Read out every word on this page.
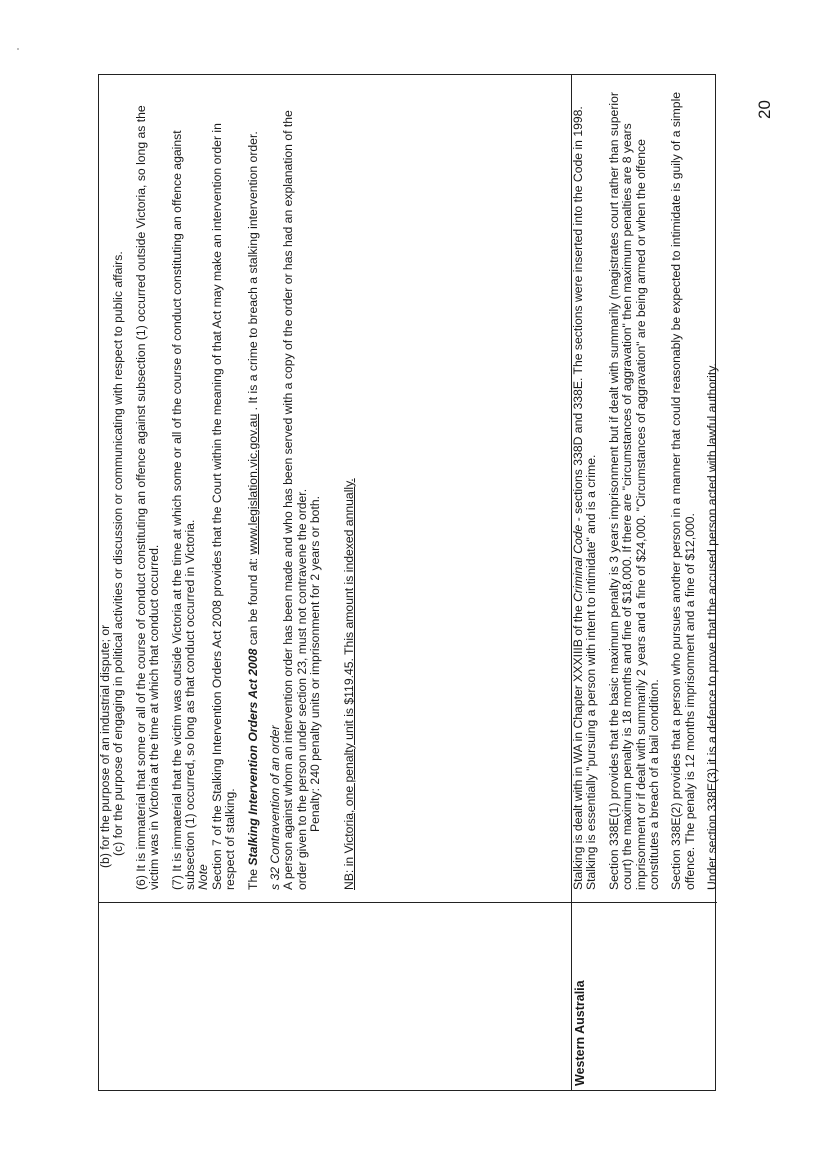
(b) for the purpose of an industrial dispute; or (c) for the purpose of engaging in political activities or discussion or communicating with respect to public affairs. (6) It is immaterial that some or all of the course of conduct constituting an offence against subsection (1) occurred outside Victoria, so long as the victim was in Victoria at the time at which that conduct occurred. (7) It is immaterial that the victim was outside Victoria at the time at which some or all of the course of conduct constituting an offence against subsection (1) occurred, so long as that conduct occurred in Victoria. Note Section 7 of the Stalking Intervention Orders Act 2008 provides that the Court within the meaning of that Act may make an intervention order in respect of stalking. The Stalking Intervention Orders Act 2008 can be found at: www.legislation.vic.gov.au . It is a crime to breach a stalking intervention order.

s 32 Contravention of an order A person against whom an intervention order has been made and who has been served with a copy of the order or has had an explanation of the order given to the person under section 23, must not contravene the order. Penalty: 240 penalty units or imprisonment for 2 years or both. NB: in Victoria, one penalty unit is $119.45. This amount is indexed annually.

Western Australia

Stalking is dealt with in WA in Chapter XXXIIIB of the Criminal Code - sections 338D and 338E. The sections were inserted into the Code in 1998. Stalking is essentially "pursuing a person with intent to intimidate" and is a crime. Section 338E(1) provides that the basic maximum penalty is 3 years imprisonment but if dealt with summarily (magistrates court rather than superior court) the maximum penalty is 18 months and fine of $18,000. If there are "circumstances of aggravation" then maximum penalties are 8 years imprisonment or if dealt with summarily 2 years and a fine of $24,000. "Circumstances of aggravation" are being armed or when the offence constitutes a breach of a bail condition. Section 338E(2) provides that a person who pursues another person in a manner that could reasonably be expected to intimidate is guily of a simple offence. The penaly is 12 months imprisonment and a fine of $12,000. Under section 338E(3) it is a defence to prove that the accused person acted with lawful authority.

20
